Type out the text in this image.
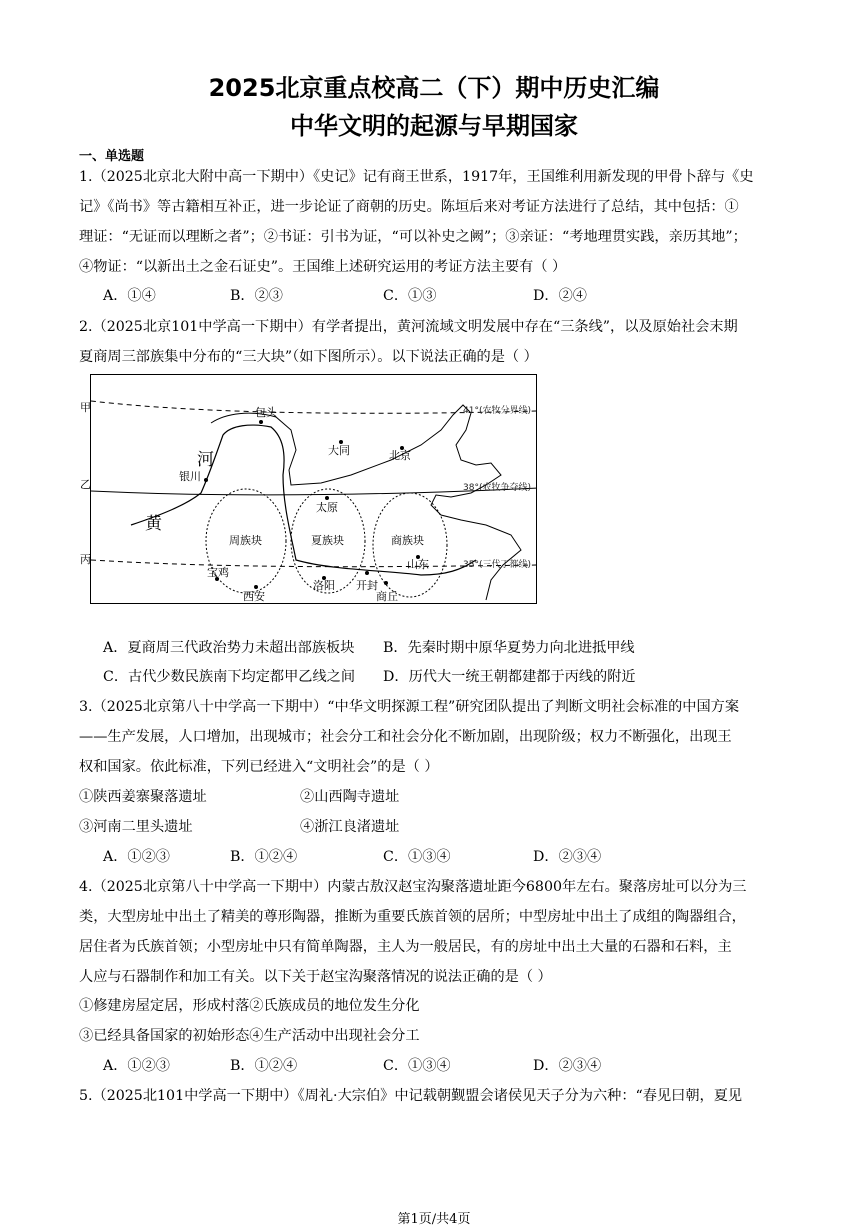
2025北京重点校高二（下）期中历史汇编
中华文明的起源与早期国家
一、单选题
1.（2025北京北大附中高一下期中）《史记》记有商王世系，1917年，王国维利用新发现的甲骨卜辞与《史
记》《尚书》等古籍相互补正，进一步论证了商朝的历史。陈垣后来对考证方法进行了总结，其中包括：①
理证：“无证而以理断之者”；②书证：引书为证，“可以补史之阙”；③亲证：“考地理贯实践，亲历其地”；
④物证：“以新出土之金石证史”。王国维上述研究运用的考证方法主要有（ ）
A．①④	B．②③	C．①③	D．②④
2.（2025北京101中学高一下期中）有学者提出，黄河流域文明发展中存在“三条线”，以及原始社会末期
夏商周三部族集中分布的“三大块”（如下图所示）。以下说法正确的是（ ）
甲
乙
丙
41°(农牧分界线)
38°(农牧争夺线)
35°(三代丁都线)
河
黄
包头
大同	北京
银川
太原
宝鸡
西安
洛阳 开封
商丘
山东
周族块	夏族块	商族块
A．夏商周三代政治势力未超出部族板块 B．先秦时期中原华夏势力向北进抵甲线
C．古代少数民族南下均定都甲乙线之间 D．历代大一统王朝都建都于丙线的附近
3.（2025北京第八十中学高一下期中）“中华文明探源工程”研究团队提出了判断文明社会标准的中国方案
——生产发展，人口增加，出现城市；社会分工和社会分化不断加剧，出现阶级；权力不断强化，出现王
权和国家。依此标准，下列已经进入“文明社会”的是（ ）
①陕西姜寨聚落遗址	②山西陶寺遗址
③河南二里头遗址	④浙江良渚遗址
A．①②③	B．①②④	C．①③④	D．②③④
4.（2025北京第八十中学高一下期中）内蒙古敖汉赵宝沟聚落遗址距今6800年左右。聚落房址可以分为三
类，大型房址中出土了精美的尊形陶器，推断为重要氏族首领的居所；中型房址中出土了成组的陶器组合，
居住者为氏族首领；小型房址中只有简单陶器，主人为一般居民，有的房址中出土大量的石器和石料，主
人应与石器制作和加工有关。以下关于赵宝沟聚落情况的说法正确的是（ ）
①修建房屋定居，形成村落②氏族成员的地位发生分化
③已经具备国家的初始形态④生产活动中出现社会分工
A．①②③	B．①②④	C．①③④	D．②③④
5.（2025北101中学高一下期中）《周礼·大宗伯》中记载朝觐盟会诸侯见天子分为六种：“春见曰朝，夏见
第1页/共4页
